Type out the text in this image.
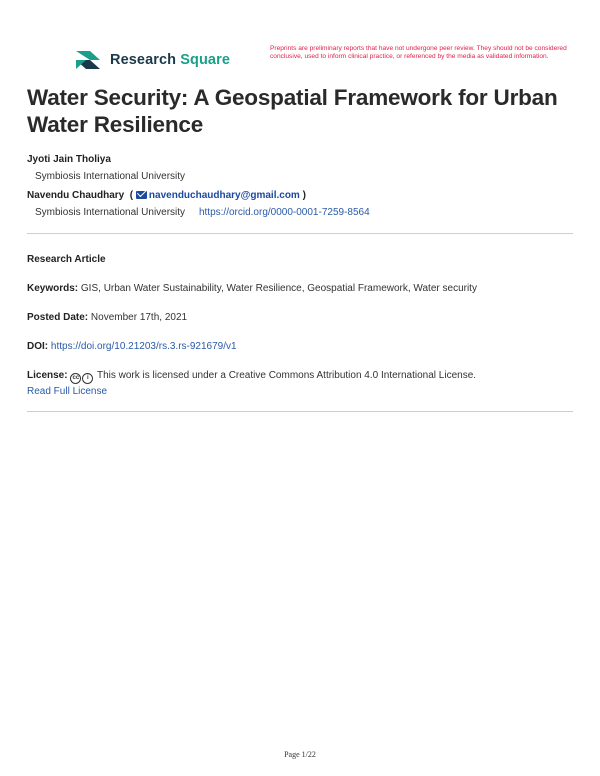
Research Square
Preprints are preliminary reports that have not undergone peer review. They should not be considered conclusive, used to inform clinical practice, or referenced by the media as validated information.
Water Security: A Geospatial Framework for Urban Water Resilience
Jyoti Jain Tholiya
Symbiosis International University
Navendu Chaudhary  ( navenduchaudhary@gmail.com )
Symbiosis International University https://orcid.org/0000-0001-7259-8564
Research Article
Keywords: GIS, Urban Water Sustainability, Water Resilience, Geospatial Framework, Water security
Posted Date: November 17th, 2021
DOI: https://doi.org/10.21203/rs.3.rs-921679/v1
License: cc i This work is licensed under a Creative Commons Attribution 4.0 International License.
Read Full License
Page 1/22
